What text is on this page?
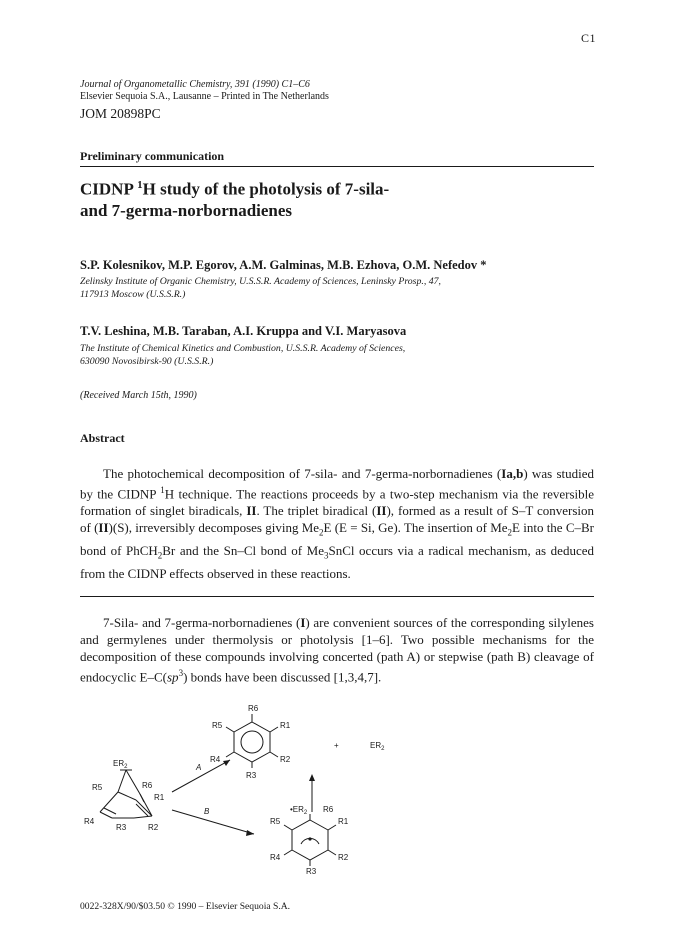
C1
Journal of Organometallic Chemistry, 391 (1990) C1–C6
Elsevier Sequoia S.A., Lausanne – Printed in The Netherlands
JOM 20898PC
Preliminary communication
CIDNP $^1$H study of the photolysis of 7-sila-
and 7-germa-norbornadienes
S.P. Kolesnikov, M.P. Egorov, A.M. Galminas, M.B. Ezhova, O.M. Nefedov *
Zelinsky Institute of Organic Chemistry, U.S.S.R. Academy of Sciences, Leninsky Prosp., 47,
117913 Moscow (U.S.S.R.)
T.V. Leshina, M.B. Taraban, A.I. Kruppa and V.I. Maryasova
The Institute of Chemical Kinetics and Combustion, U.S.S.R. Academy of Sciences,
630090 Novosibirsk-90 (U.S.S.R.)
(Received March 15th, 1990)
Abstract

The photochemical decomposition of 7-sila- and 7-germa-norbornadienes (Ia,b) was studied by the CIDNP $^1$H technique. The reactions proceeds by a two-step mechanism via the reversible formation of singlet biradicals, II. The triplet biradical (II), formed as a result of S–T conversion of (II)(S), irreversibly decomposes giving $Me_2E$ (E = Si, Ge). The insertion of $Me_2E$ into the C–Br bond of PhCH$_2$Br and the Sn–Cl bond of $Me_3SnCl$ occurs via a radical mechanism, as deduced from the CIDNP effects observed in these reactions.

7-Sila- and 7-germa-norbornadienes (I) are convenient sources of the corresponding silylenes and germylenes under thermolysis or photolysis [1–6]. Two possible mechanisms for the decomposition of these compounds involving concerted (path A) or stepwise (path B) cleavage of endocyclic $E-C(sp^3)$ bonds have been discussed [1,3,4,7].

$ER_2$
R5	R6
R1
R4
R3	R2
A
B
R6
R1
R2
R3
R4
R5
+	$ER_2$
$•ER_2$ R6
R1
R2
R3
R4
R5
0022-328X/90/$03.50 © 1990 – Elsevier Sequoia S.A.
